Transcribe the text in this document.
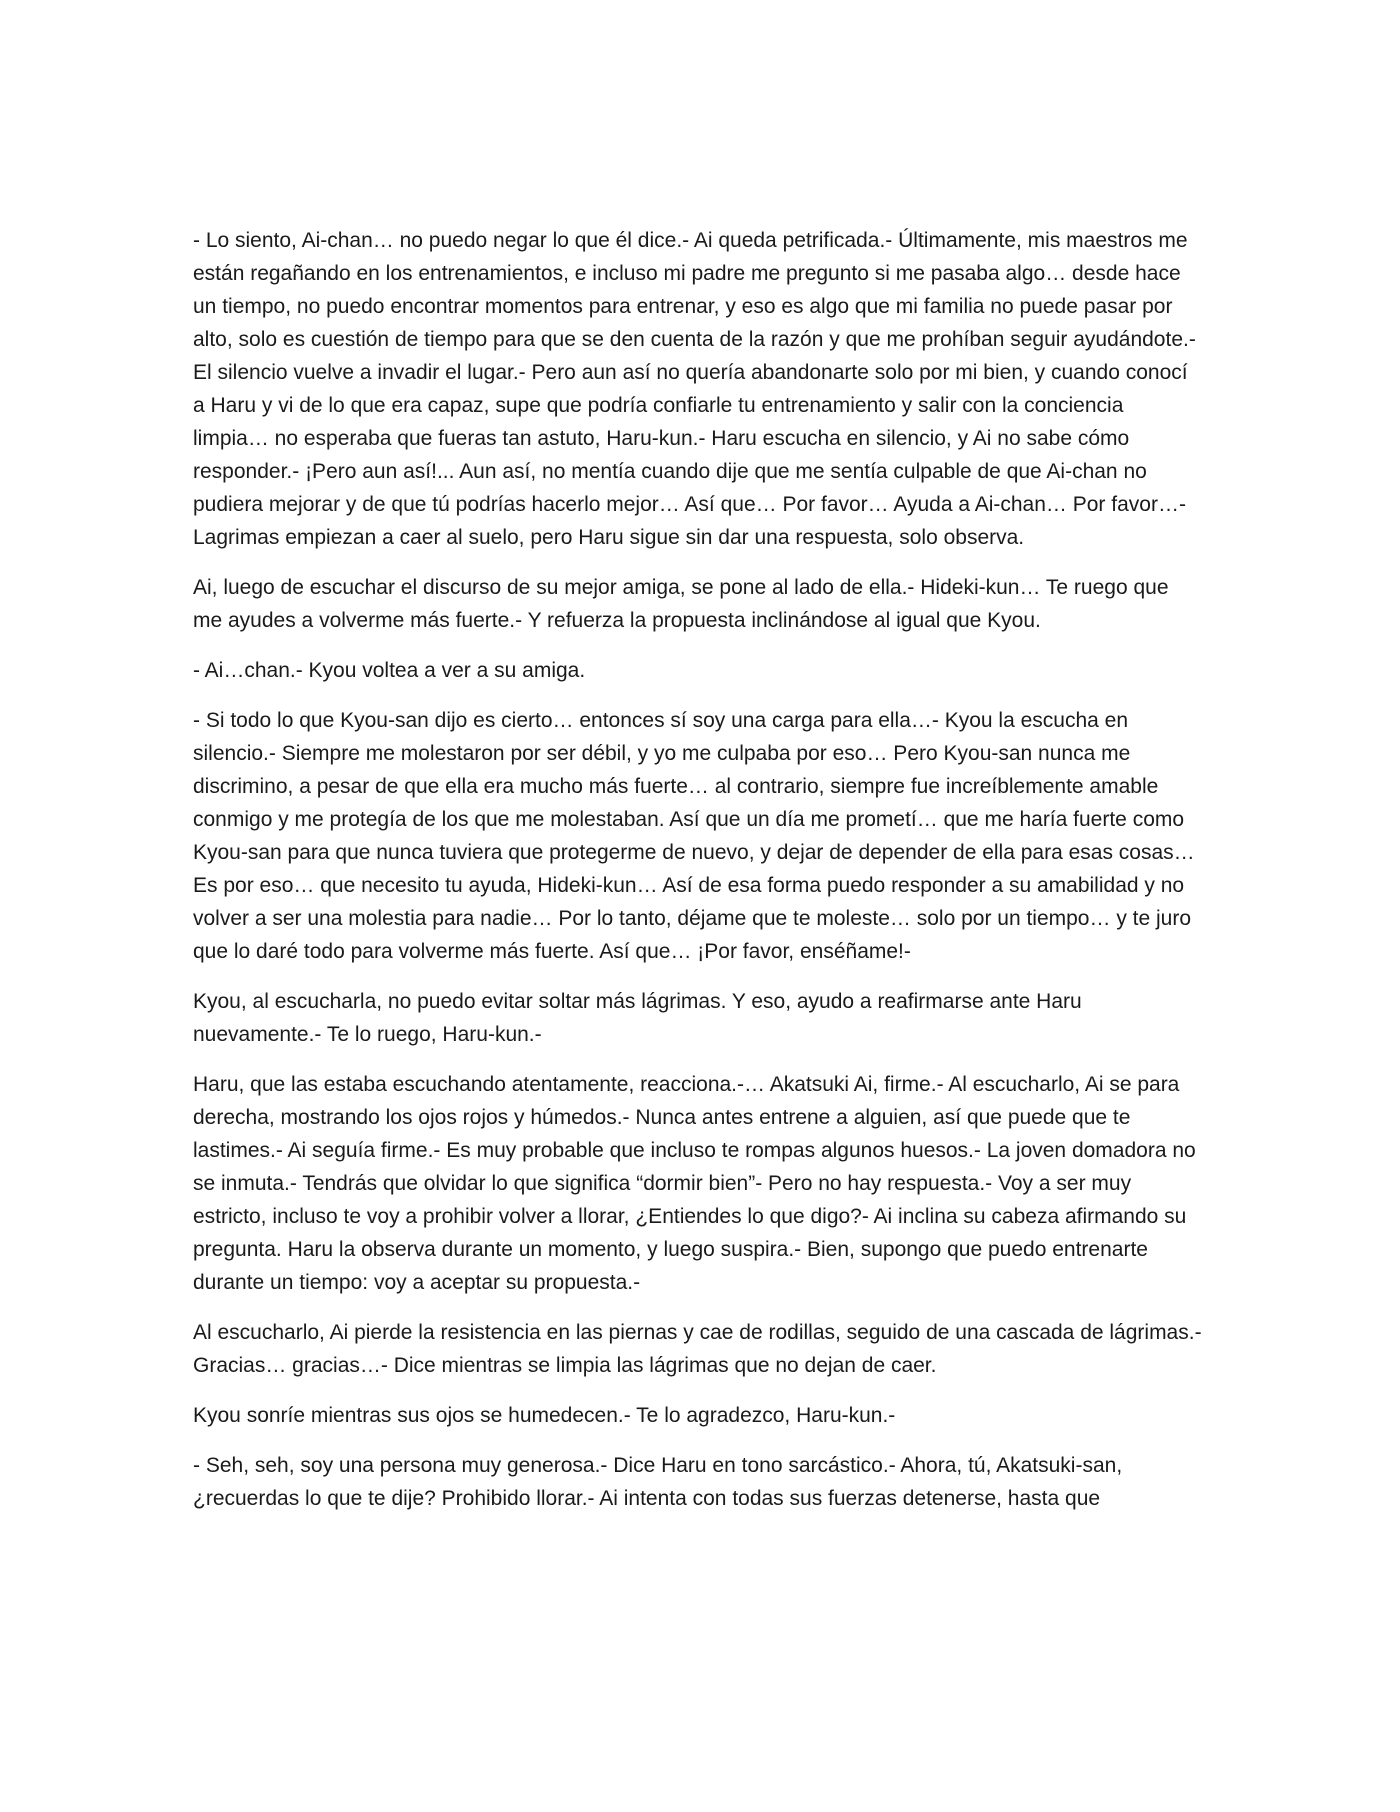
- Lo siento, Ai-chan… no puedo negar lo que él dice.- Ai queda petrificada.- Últimamente, mis maestros me están regañando en los entrenamientos, e incluso mi padre me pregunto si me pasaba algo… desde hace un tiempo, no puedo encontrar momentos para entrenar, y eso es algo que mi familia no puede pasar por alto, solo es cuestión de tiempo para que se den cuenta de la razón y que me prohíban seguir ayudándote.- El silencio vuelve a invadir el lugar.- Pero aun así no quería abandonarte solo por mi bien, y cuando conocí a Haru y vi de lo que era capaz, supe que podría confiarle tu entrenamiento y salir con la conciencia limpia… no esperaba que fueras tan astuto, Haru-kun.- Haru escucha en silencio, y Ai no sabe cómo responder.- ¡Pero aun así!... Aun así, no mentía cuando dije que me sentía culpable de que Ai-chan no pudiera mejorar y de que tú podrías hacerlo mejor… Así que… Por favor… Ayuda a Ai-chan… Por favor…- Lagrimas empiezan a caer al suelo, pero Haru sigue sin dar una respuesta, solo observa.

Ai, luego de escuchar el discurso de su mejor amiga, se pone al lado de ella.- Hideki-kun… Te ruego que me ayudes a volverme más fuerte.- Y refuerza la propuesta inclinándose al igual que Kyou.

- Ai…chan.- Kyou voltea a ver a su amiga.

- Si todo lo que Kyou-san dijo es cierto… entonces sí soy una carga para ella…- Kyou la escucha en silencio.- Siempre me molestaron por ser débil, y yo me culpaba por eso… Pero Kyou-san nunca me discrimino, a pesar de que ella era mucho más fuerte… al contrario, siempre fue increíblemente amable conmigo y me protegía de los que me molestaban. Así que un día me prometí… que me haría fuerte como Kyou-san para que nunca tuviera que protegerme de nuevo, y dejar de depender de ella para esas cosas… Es por eso… que necesito tu ayuda, Hideki-kun… Así de esa forma puedo responder a su amabilidad y no volver a ser una molestia para nadie… Por lo tanto, déjame que te moleste… solo por un tiempo… y te juro que lo daré todo para volverme más fuerte. Así que… ¡Por favor, enséñame!-

Kyou, al escucharla, no puedo evitar soltar más lágrimas. Y eso, ayudo a reafirmarse ante Haru nuevamente.- Te lo ruego, Haru-kun.-

Haru, que las estaba escuchando atentamente, reacciona.-… Akatsuki Ai, firme.- Al escucharlo, Ai se para derecha, mostrando los ojos rojos y húmedos.- Nunca antes entrene a alguien, así que puede que te lastimes.- Ai seguía firme.- Es muy probable que incluso te rompas algunos huesos.- La joven domadora no se inmuta.- Tendrás que olvidar lo que significa “dormir bien”- Pero no hay respuesta.- Voy a ser muy estricto, incluso te voy a prohibir volver a llorar, ¿Entiendes lo que digo?- Ai inclina su cabeza afirmando su pregunta. Haru la observa durante un momento, y luego suspira.- Bien, supongo que puedo entrenarte durante un tiempo: voy a aceptar su propuesta.-

Al escucharlo, Ai pierde la resistencia en las piernas y cae de rodillas, seguido de una cascada de lágrimas.- Gracias… gracias…- Dice mientras se limpia las lágrimas que no dejan de caer.

Kyou sonríe mientras sus ojos se humedecen.- Te lo agradezco, Haru-kun.-

- Seh, seh, soy una persona muy generosa.- Dice Haru en tono sarcástico.- Ahora, tú, Akatsuki-san, ¿recuerdas lo que te dije? Prohibido llorar.- Ai intenta con todas sus fuerzas detenerse, hasta que
